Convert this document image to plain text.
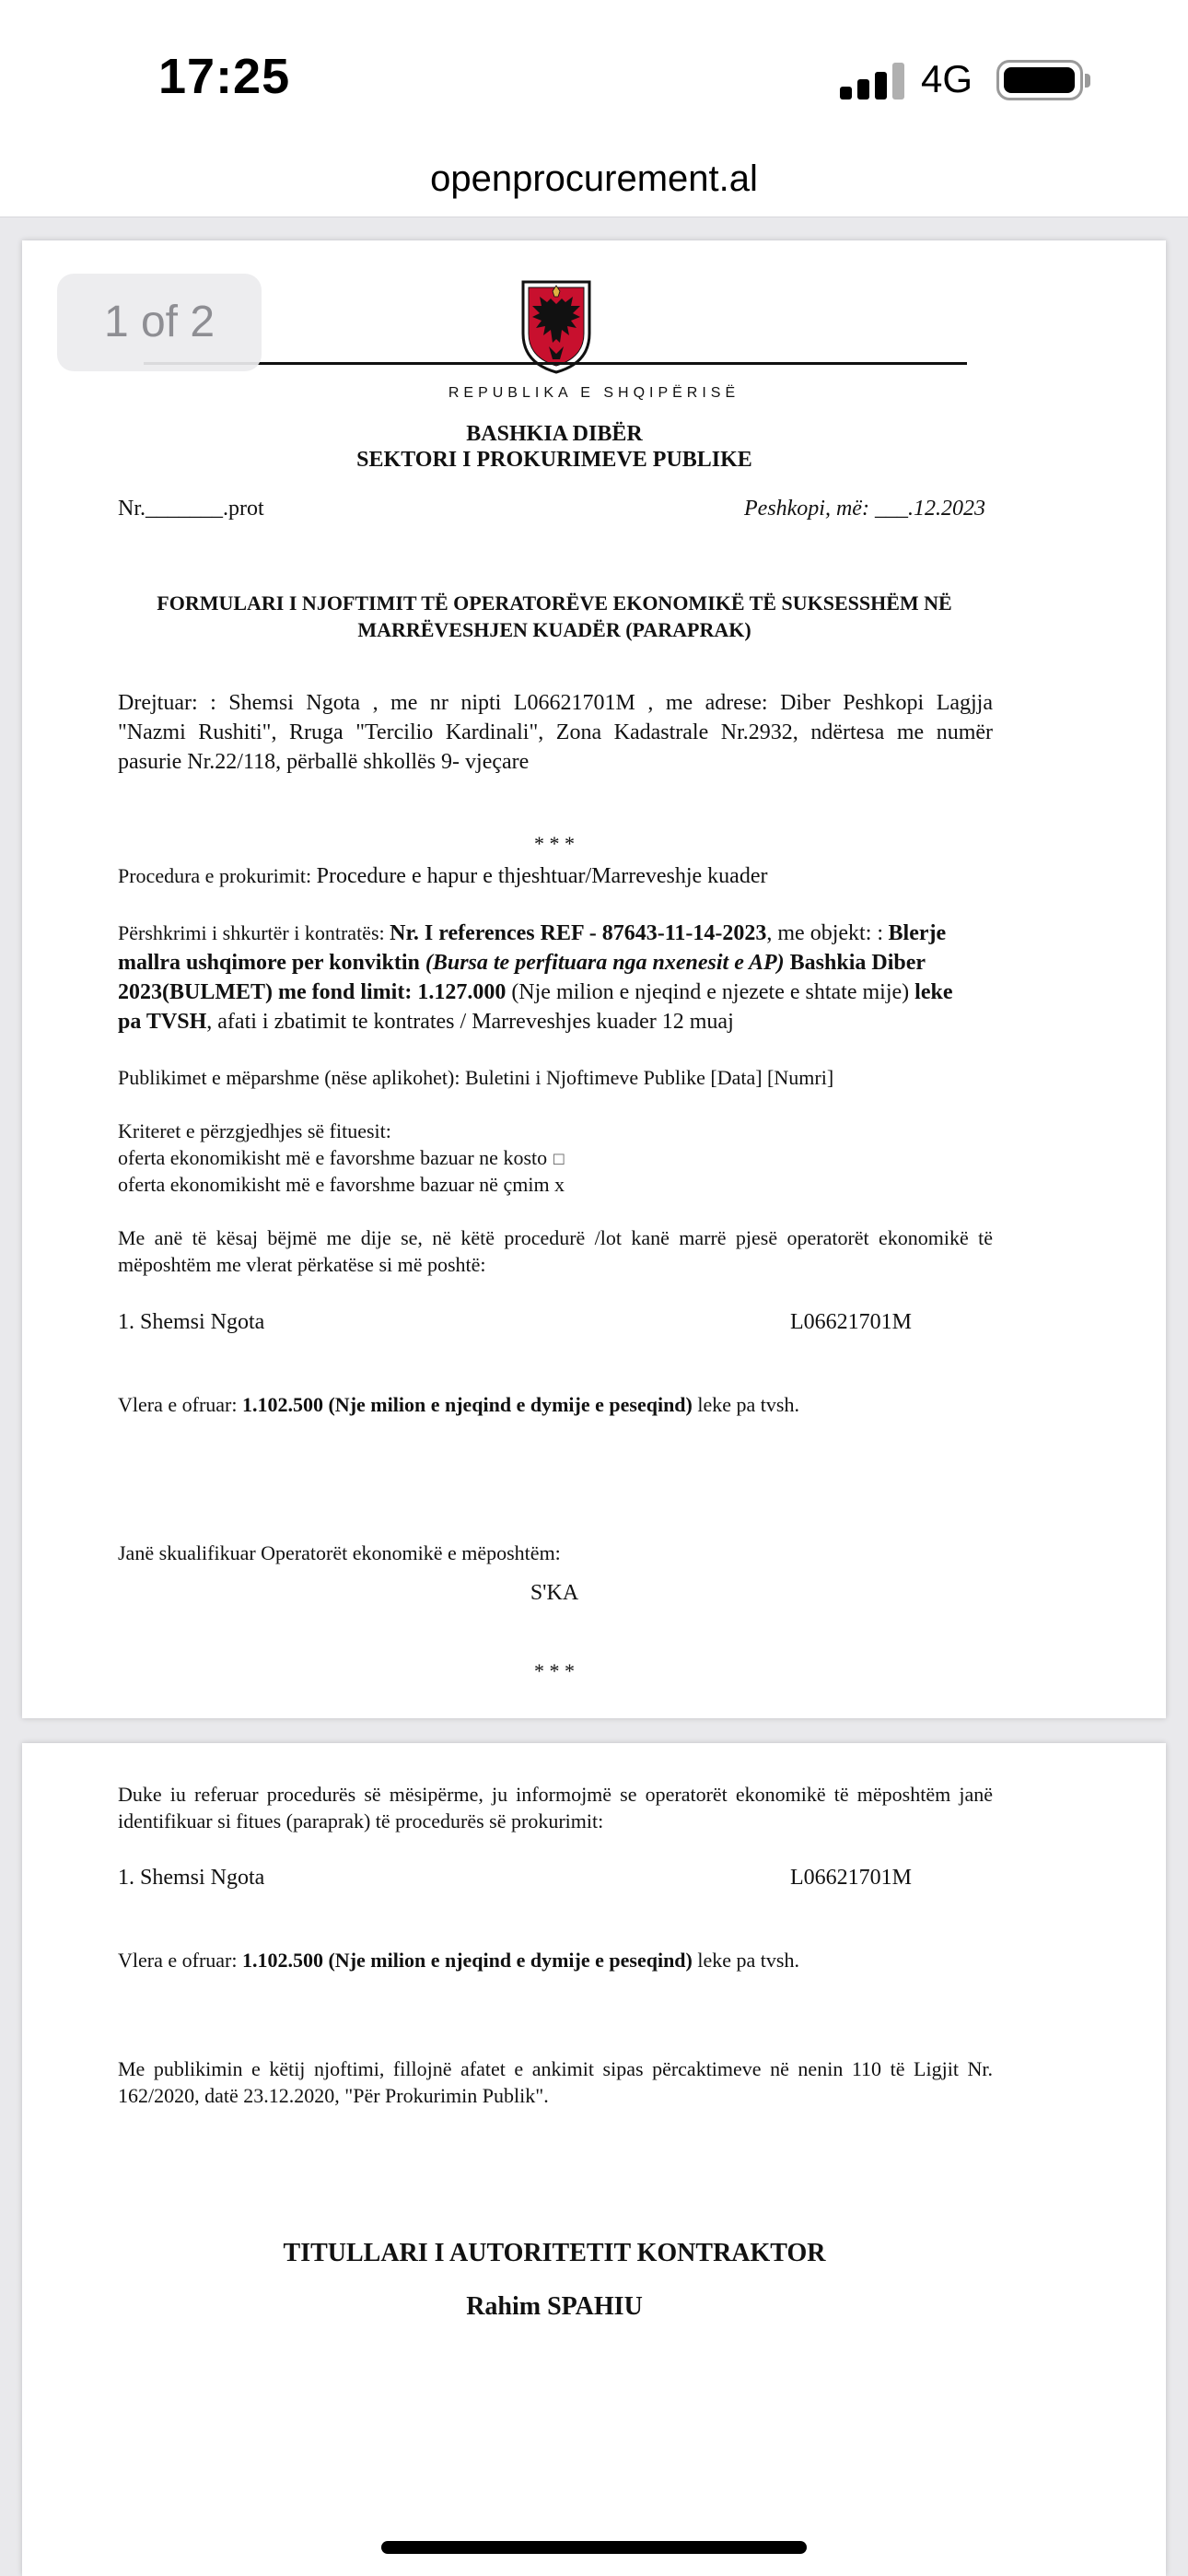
17:25	4G
openprocurement.al
REPUBLIKA E SHQIPËRISË
1 of 2
BASHKIA DIBËR
SEKTORI I PROKURIMEVE PUBLIKE
Nr._______.prot	Peshkopi, më: ___.12.2023
FORMULARI I NJOFTIMIT TË OPERATORËVE EKONOMIKË TË SUKSESSHËM NË
MARRËVESHJEN KUADËR (PARAPRAK)
Drejtuar: : Shemsi Ngota , me nr nipti L06621701M , me adrese: Diber Peshkopi Lagjja
"Nazmi Rushiti", Rruga "Tercilio Kardinali", Zona Kadastrale Nr.2932, ndërtesa me numër
pasurie Nr.22/118, përballë shkollës 9- vjeçare
* * *
Procedura e prokurimit: Procedure e hapur e thjeshtuar/Marreveshje kuader
Përshkrimi i shkurtër i kontratës: Nr. I references REF - 87643-11-14-2023, me objekt: : Blerje
mallra ushqimore per konviktin (Bursa te perfituara nga nxenesit e AP) Bashkia Diber
2023(BULMET) me fond limit: 1.127.000 (Nje milion e njeqind e njezete e shtate mije) leke
pa TVSH, afati i zbatimit te kontrates / Marreveshjes kuader 12 muaj
Publikimet e mëparshme (nëse aplikohet): Buletini i Njoftimeve Publike [Data] [Numri]
Kriteret e përzgjedhjes së fituesit:
oferta ekonomikisht më e favorshme bazuar ne kosto ☐
oferta ekonomikisht më e favorshme bazuar në çmim x
Me anë të kësaj bëjmë me dije se, në këtë procedurë /lot kanë marrë pjesë operatorët ekonomikë të
mëposhtëm me vlerat përkatëse si më poshtë:
1. Shemsi Ngota	L06621701M
Vlera e ofruar: 1.102.500 (Nje milion e njeqind e dymije e peseqind) leke pa tvsh.
Janë skualifikuar Operatorët ekonomikë e mëposhtëm:
S'KA
* * *
Duke iu referuar procedurës së mësipërme, ju informojmë se operatorët ekonomikë të mëposhtëm janë
identifikuar si fitues (paraprak) të procedurës së prokurimit:
1. Shemsi Ngota	L06621701M
Vlera e ofruar: 1.102.500 (Nje milion e njeqind e dymije e peseqind) leke pa tvsh.
Me publikimin e këtij njoftimi, fillojnë afatet e ankimit sipas përcaktimeve në nenin 110 të Ligjit Nr.
162/2020, datë 23.12.2020, "Për Prokurimin Publik".
TITULLARI I AUTORITETIT KONTRAKTOR
Rahim SPAHIU
